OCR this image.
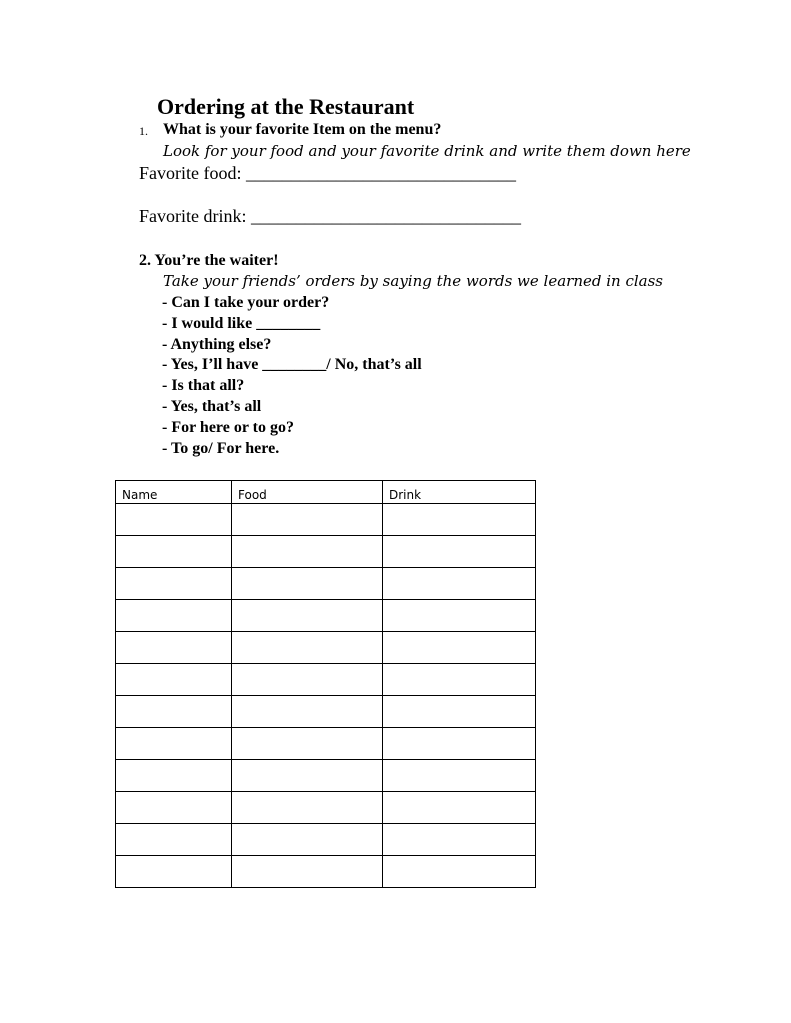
Ordering at the Restaurant
1. What is your favorite Item on the menu?
Look for your food and your favorite drink and write them down here
Favorite food: ______________________________
Favorite drink: ______________________________
2. You’re the waiter!
Take your friends’ orders by saying the words we learned in class
- Can I take your order?
- I would like ________
- Anything else?
- Yes, I’ll have ________/ No, that’s all
- Is that all?
- Yes, that’s all
- For here or to go?
- To go/ For here.
Name	Food	Drink
